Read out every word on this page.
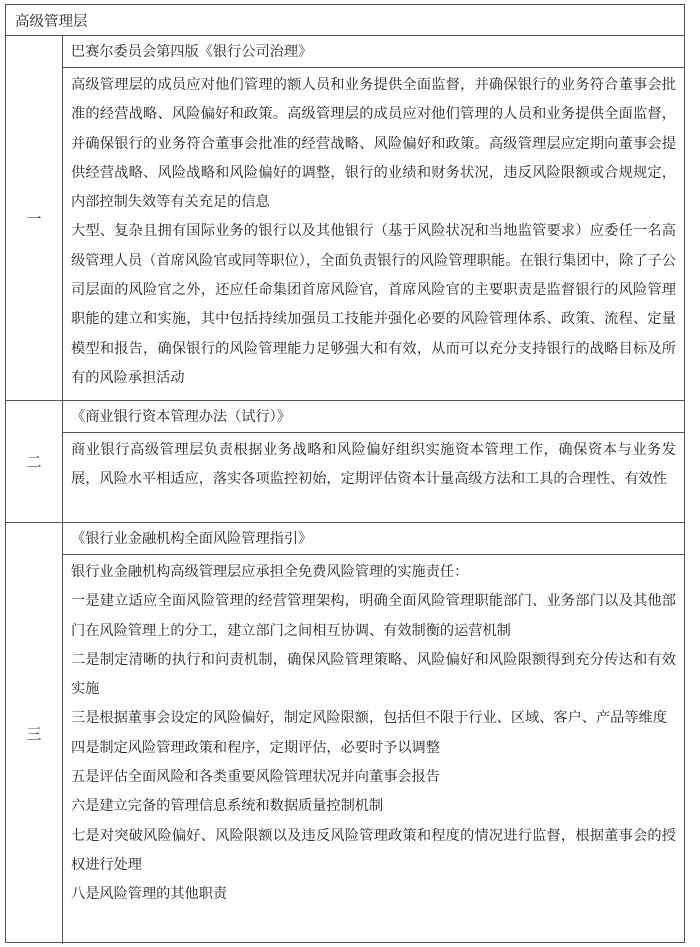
高级管理层
一
巴赛尔委员会第四版《银行公司治理》

高级管理层的成员应对他们管理的额人员和业务提供全面监督，并确保银行的业务符合董事会批准的经营战略、风险偏好和政策。高级管理层的成员应对他们管理的人员和业务提供全面监督，并确保银行的业务符合董事会批准的经营战略、风险偏好和政策。高级管理层应定期向董事会提供经营战略、风险战略和风险偏好的调整，银行的业绩和财务状况，违反风险限额或合规规定，内部控制失效等有关充足的信息

大型、复杂且拥有国际业务的银行以及其他银行（基于风险状况和当地监管要求）应委任一名高级管理人员（首席风险官或同等职位），全面负责银行的风险管理职能。在银行集团中，除了子公司层面的风险官之外，还应任命集团首席风险官，首席风险官的主要职责是监督银行的风险管理职能的建立和实施，其中包括持续加强员工技能并强化必要的风险管理体系、政策、流程、定量模型和报告，确保银行的风险管理能力足够强大和有效，从而可以充分支持银行的战略目标及所有的风险承担活动

二
《商业银行资本管理办法（试行）》

商业银行高级管理层负责根据业务战略和风险偏好组织实施资本管理工作，确保资本与业务发展，风险水平相适应，落实各项监控初始，定期评估资本计量高级方法和工具的合理性、有效性

三
《银行业金融机构全面风险管理指引》

银行业金融机构高级管理层应承担全免费风险管理的实施责任：

一是建立适应全面风险管理的经营管理架构，明确全面风险管理职能部门、业务部门以及其他部门在风险管理上的分工，建立部门之间相互协调、有效制衡的运营机制

二是制定清晰的执行和问责机制，确保风险管理策略、风险偏好和风险限额得到充分传达和有效实施

三是根据董事会设定的风险偏好，制定风险限额，包括但不限于行业、区域、客户、产品等维度

四是制定风险管理政策和程序，定期评估，必要时予以调整

五是评估全面风险和各类重要风险管理状况并向董事会报告

六是建立完备的管理信息系统和数据质量控制机制

七是对突破风险偏好、风险限额以及违反风险管理政策和程度的情况进行监督，根据董事会的授权进行处理

八是风险管理的其他职责
